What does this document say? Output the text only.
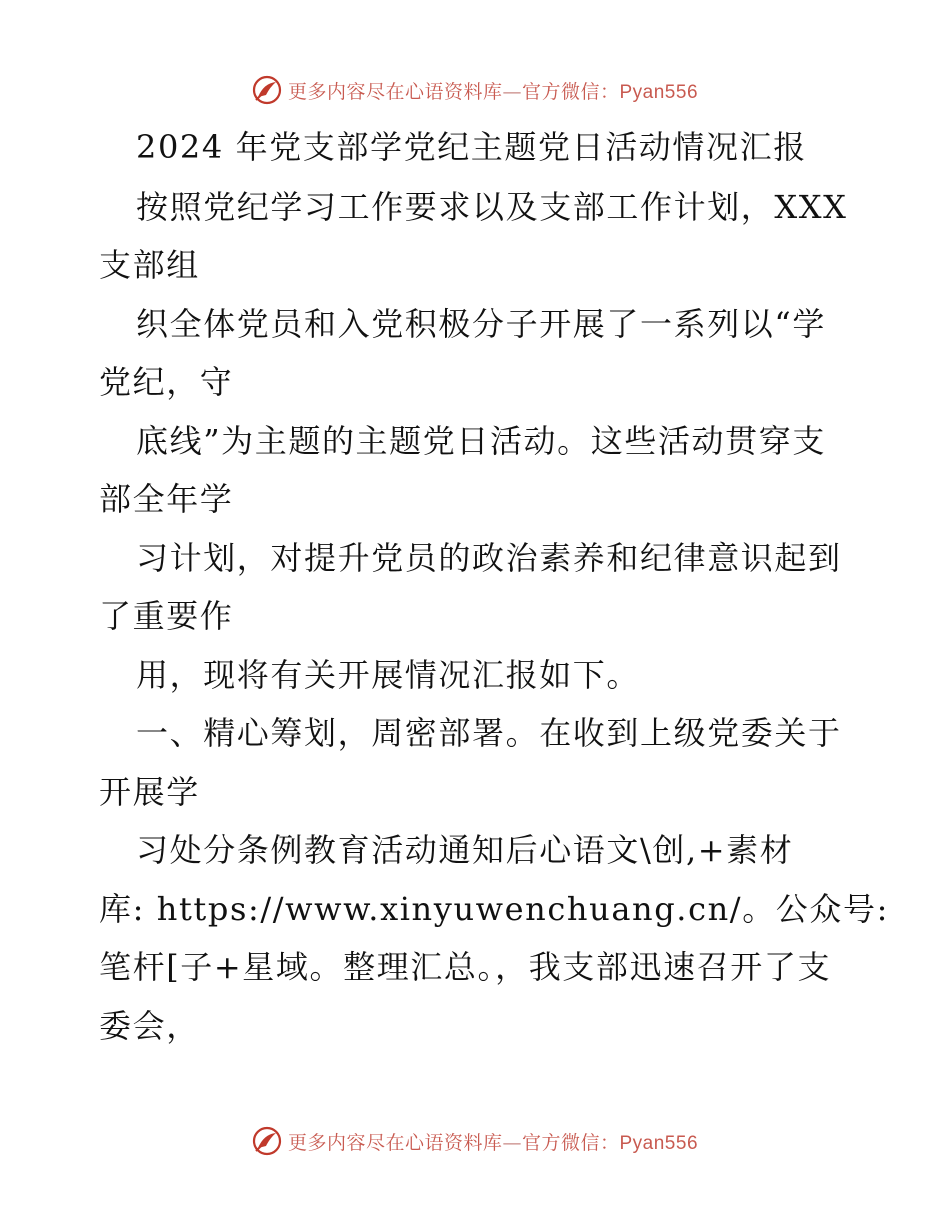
更多内容尽在心语资料库—官方微信：Pyan556
2024 年党支部学党纪主题党日活动情况汇报
按照党纪学习工作要求以及支部工作计划，XXX
支部组
织全体党员和入党积极分子开展了一系列以“学
党纪，守
底线”为主题的主题党日活动。这些活动贯穿支
部全年学
习计划，对提升党员的政治素养和纪律意识起到
了重要作
用，现将有关开展情况汇报如下。
一、精心筹划，周密部署。在收到上级党委关于
开展学
习处分条例教育活动通知后心语文\创,+素材
库: https://www.xinyuwenchuang.cn/。公众号:
笔杆[子+星域。整理汇总。，我支部迅速召开了支
委会，
更多内容尽在心语资料库—官方微信：Pyan556
